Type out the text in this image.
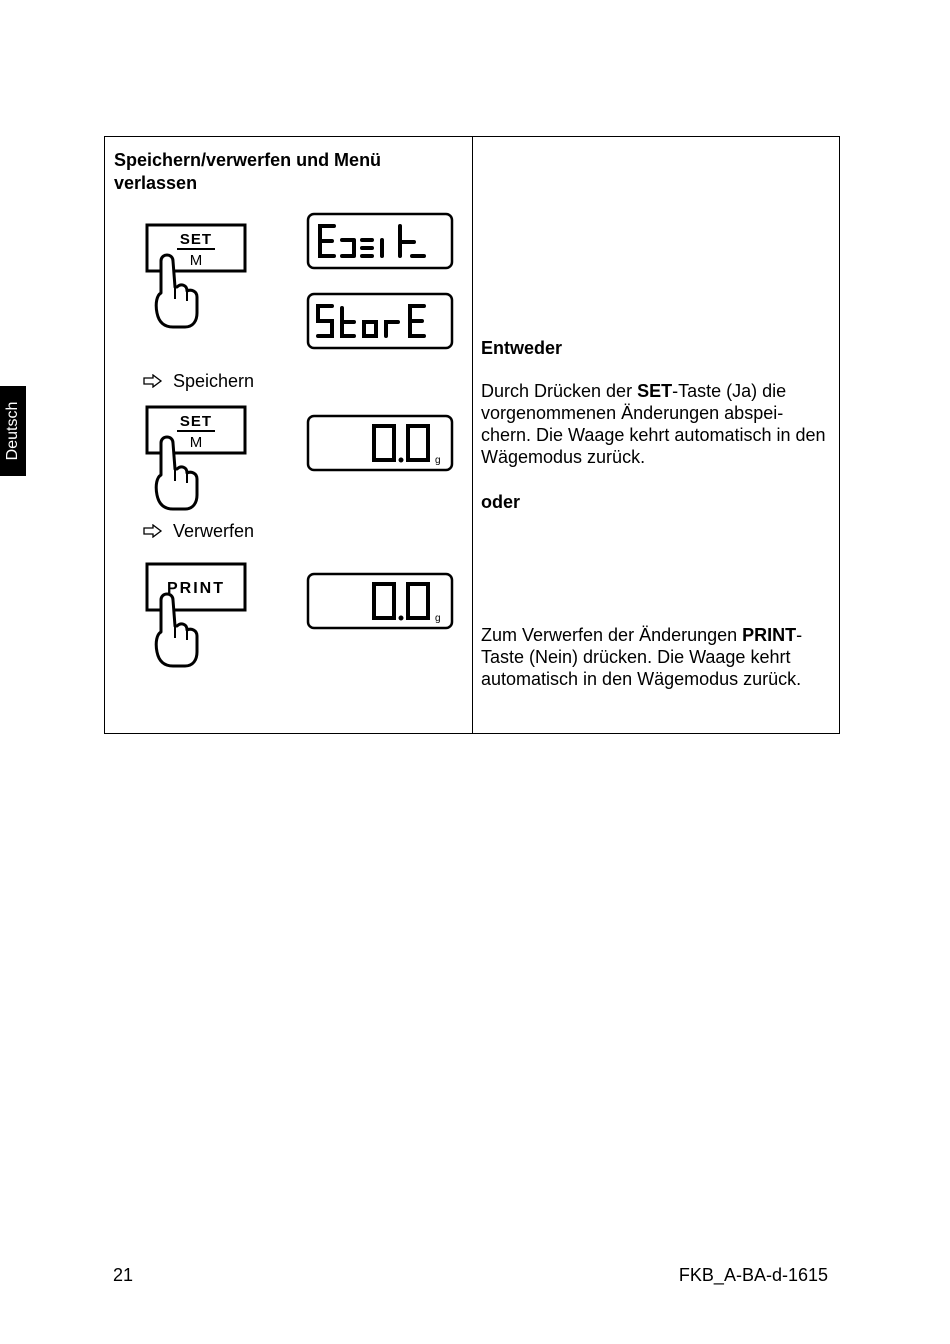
Deutsch
Speichern/verwerfen und Menü verlassen
SET
M
EXIT
StorE
Speichern
SET
M
g
0.0
Verwerfen
PRINT
g
0.0
Entweder
Durch Drücken der SET-Taste (Ja) die vorgenommenen Änderungen abspei-chern. Die Waage kehrt automatisch in den Wägemodus zurück.
oder
Zum Verwerfen der Änderungen PRINT-Taste (Nein) drücken. Die Waage kehrt automatisch in den Wägemodus zurück.
21	FKB_A-BA-d-1615
